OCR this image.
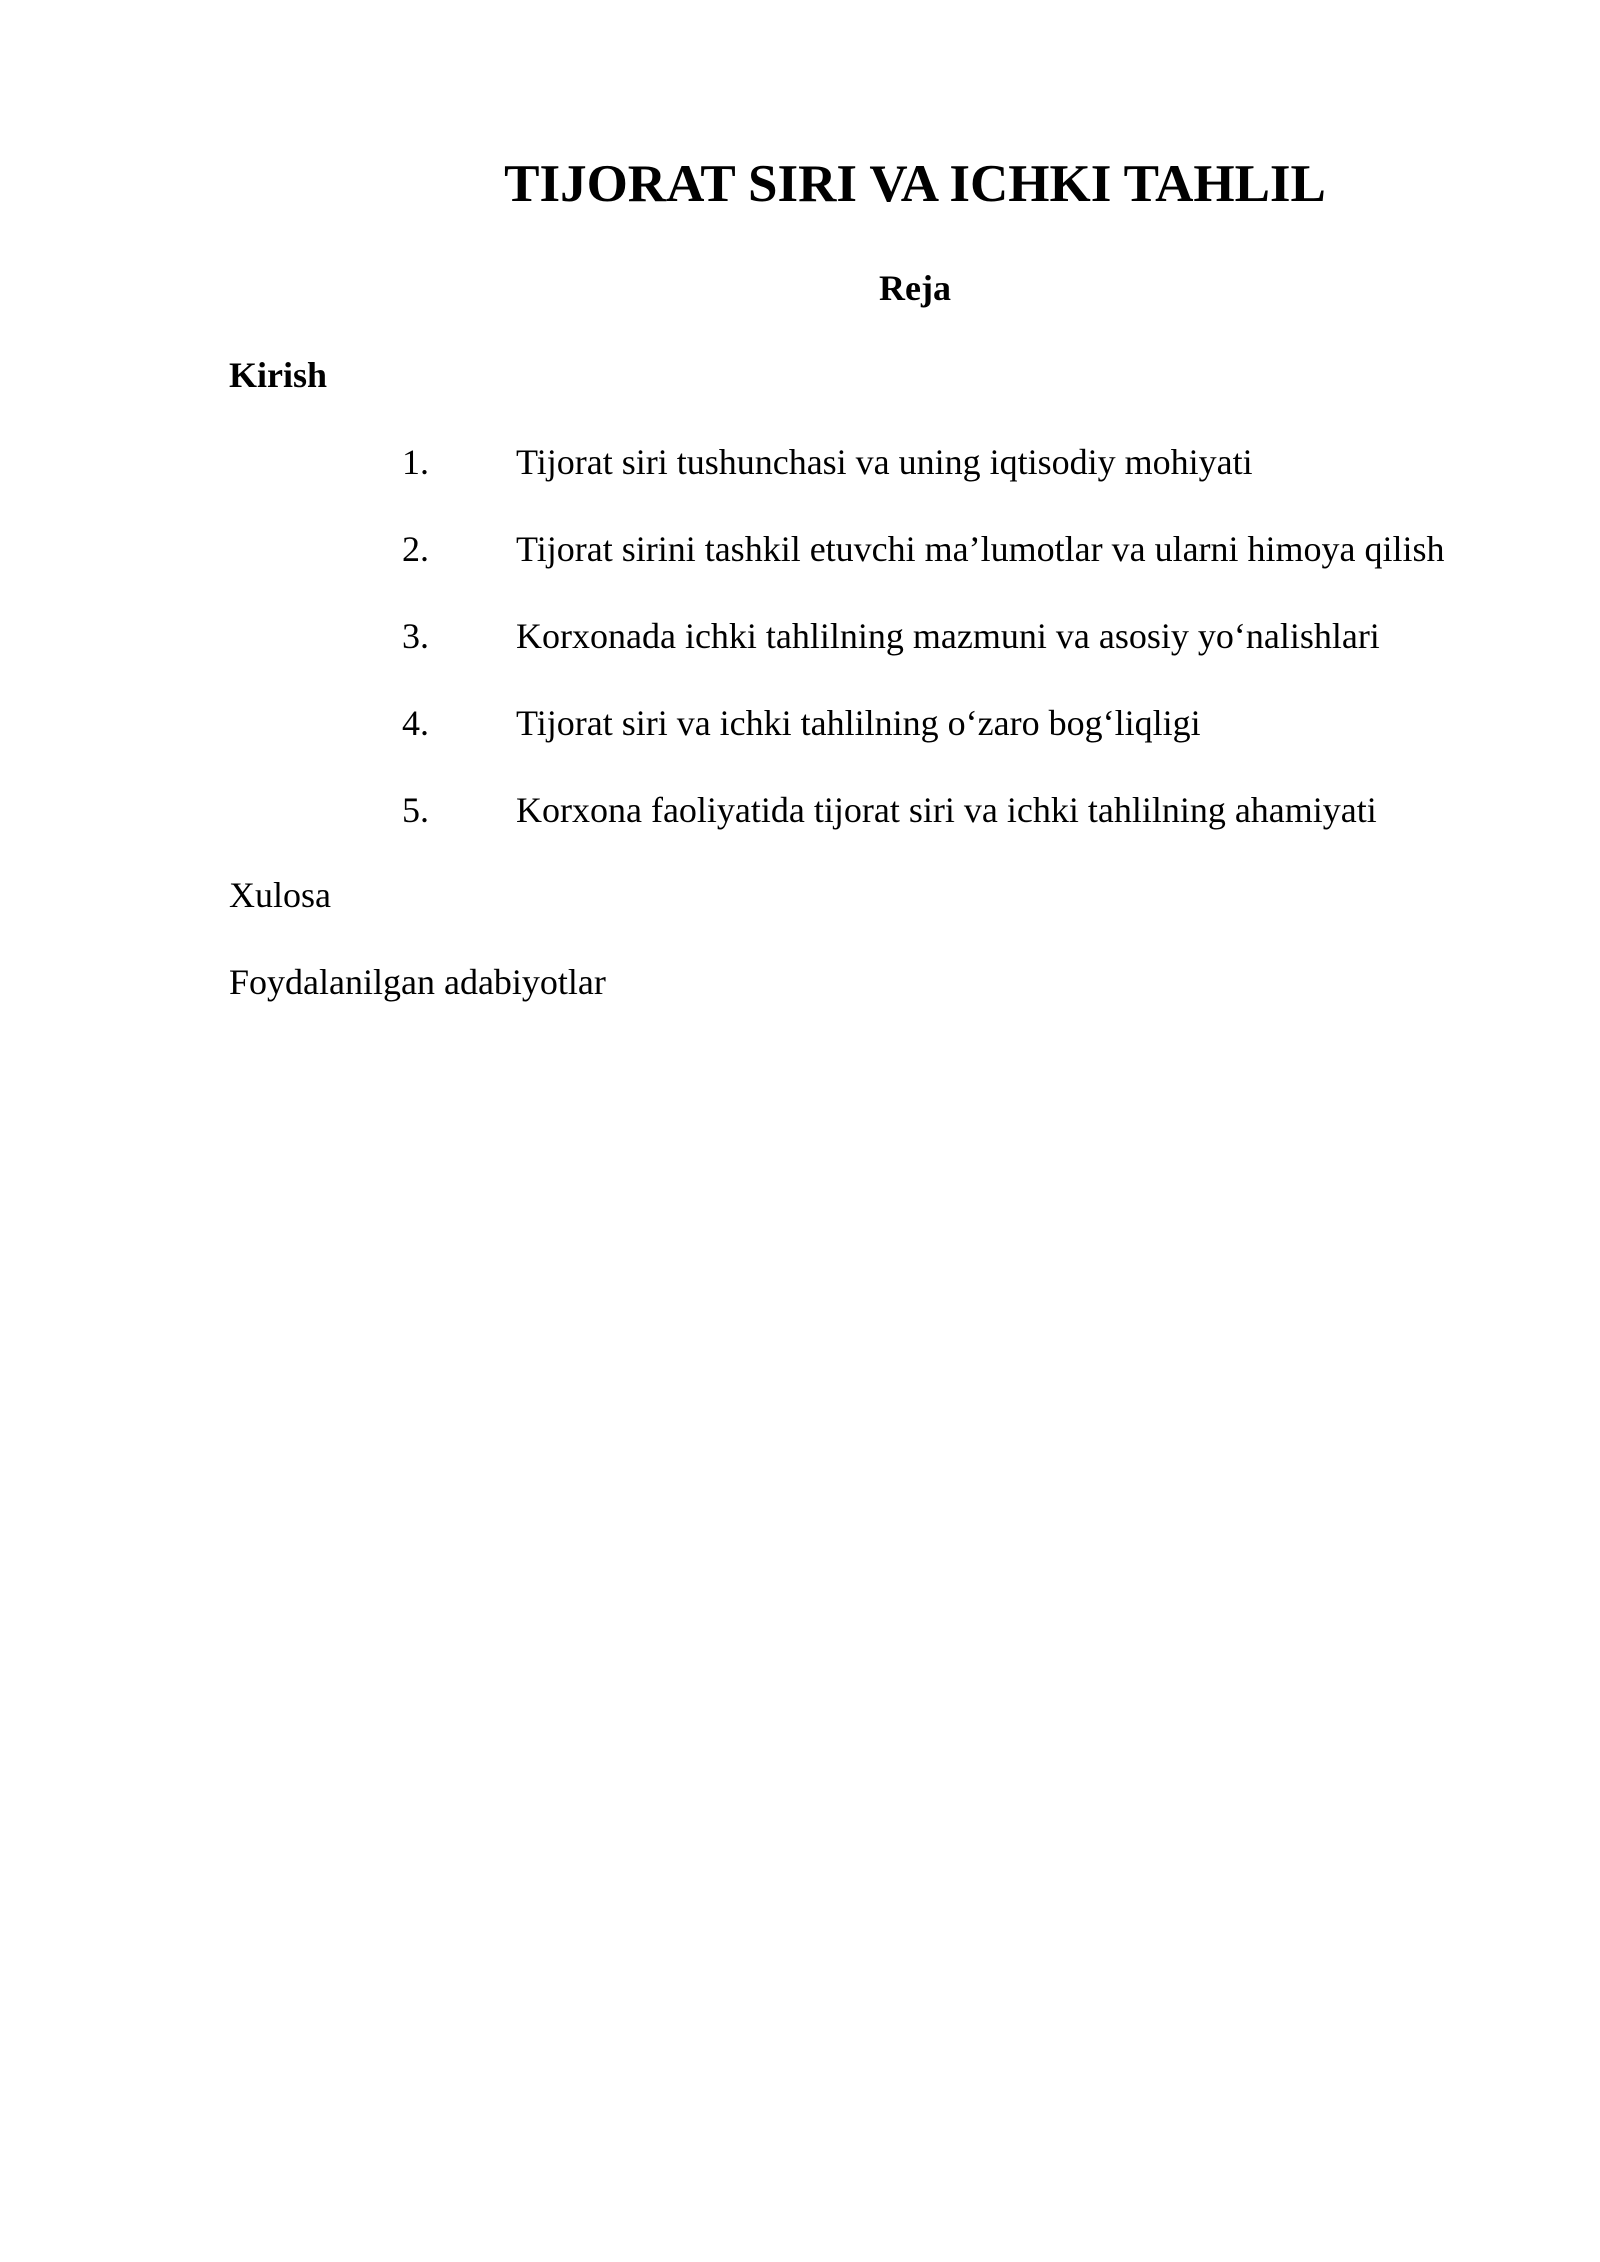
TIJORAT SIRI VA ICHKI TAHLIL
Reja

Kirish

1. Tijorat siri tushunchasi va uning iqtisodiy mohiyati
2. Tijorat sirini tashkil etuvchi ma’lumotlar va ularni himoya qilish
3. Korxonada ichki tahlilning mazmuni va asosiy yo‘nalishlari
4. Tijorat siri va ichki tahlilning o‘zaro bog‘liqligi
5. Korxona faoliyatida tijorat siri va ichki tahlilning ahamiyati

Xulosa

Foydalanilgan adabiyotlar
